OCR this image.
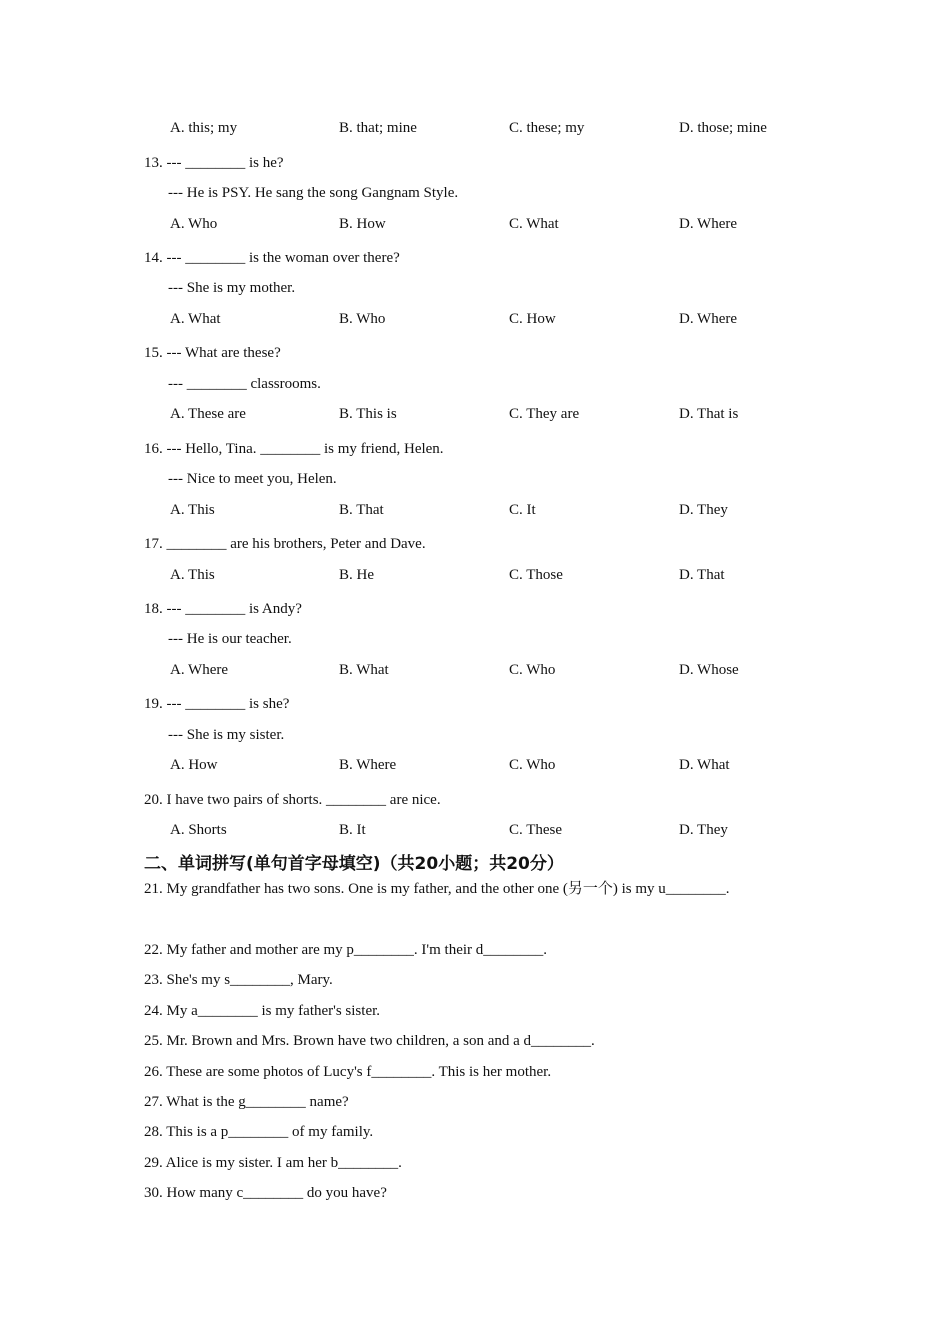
A. this; my	B. that; mine	C. these; my	D. those; mine
13. --- ________ is he?
--- He is PSY. He sang the song Gangnam Style.
A. Who	B. How	C. What	D. Where
14. --- ________ is the woman over there?
--- She is my mother.
A. What	B. Who	C. How	D. Where
15. --- What are these?
--- ________ classrooms.
A. These are	B. This is	C. They are	D. That is
16. --- Hello, Tina. ________ is my friend, Helen.
--- Nice to meet you, Helen.
A. This	B. That	C. It	D. They
17. ________ are his brothers, Peter and Dave.
A. This	B. He	C. Those	D. That
18. --- ________ is Andy?
--- He is our teacher.
A. Where	B. What	C. Who	D. Whose
19. --- ________ is she?
--- She is my sister.
A. How	B. Where	C. Who	D. What
20. I have two pairs of shorts. ________ are nice.
A. Shorts	B. It	C. These	D. They
二、单词拼写(单句首字母填空)（共20小题；共20分）
21. My grandfather has two sons. One is my father, and the other one (另一个) is my u________.
22. My father and mother are my p________. I'm their d________.
23. She's my s________, Mary.
24. My a________ is my father's sister.
25. Mr. Brown and Mrs. Brown have two children, a son and a d________.
26. These are some photos of Lucy's f________. This is her mother.
27. What is the g________ name?
28. This is a p________ of my family.
29. Alice is my sister. I am her b________.
30. How many c________ do you have?
